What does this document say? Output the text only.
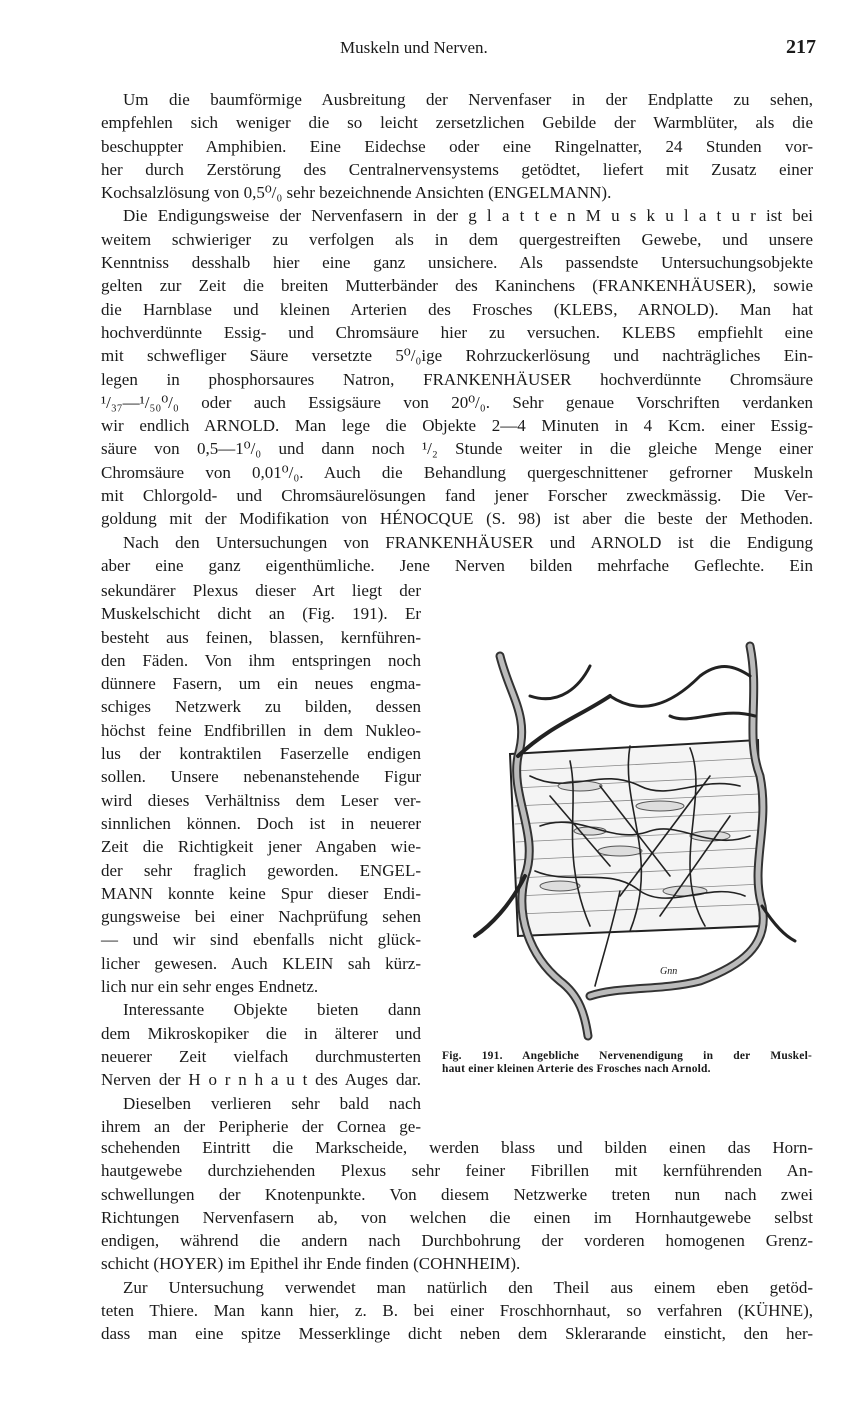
Muskeln und Nerven.	217
Um die baumförmige Ausbreitung der Nervenfaser in der Endplatte zu sehen,
empfehlen sich weniger die so leicht zersetzlichen Gebilde der Warmblüter, als die
beschuppter Amphibien. Eine Eidechse oder eine Ringelnatter, 24 Stunden vor-
her durch Zerstörung des Centralnervensystems getödtet, liefert mit Zusatz einer
Kochsalzlösung von 0,5⁰/₀ sehr bezeichnende Ansichten (ENGELMANN).
Die Endigungsweise der Nervenfasern in der g l a t t e n M u s k u l a t u r ist bei
weitem schwieriger zu verfolgen als in dem quergestreiften Gewebe, und unsere
Kenntniss desshalb hier eine ganz unsichere. Als passendste Untersuchungsobjekte
gelten zur Zeit die breiten Mutterbänder des Kaninchens (FRANKENHÄUSER), sowie
die Harnblase und kleinen Arterien des Frosches (KLEBS, ARNOLD). Man hat
hochverdünnte Essig- und Chromsäure hier zu versuchen. KLEBS empfiehlt eine
mit schwefliger Säure versetzte 5⁰/₀ige Rohrzuckerlösung und nachträgliches Ein-
legen in phosphorsaures Natron, FRANKENHÄUSER hochverdünnte Chromsäure
¹/₃₇—¹/₅₀⁰/₀ oder auch Essigsäure von 20⁰/₀. Sehr genaue Vorschriften verdanken
wir endlich ARNOLD. Man lege die Objekte 2—4 Minuten in 4 Kcm. einer Essig-
säure von 0,5—1⁰/₀ und dann noch ¹/₂ Stunde weiter in die gleiche Menge einer
Chromsäure von 0,01⁰/₀. Auch die Behandlung quergeschnittener gefrorner Muskeln
mit Chlorgold- und Chromsäurelösungen fand jener Forscher zweckmässig. Die Ver-
goldung mit der Modifikation von HÉNOCQUE (S. 98) ist aber die beste der Methoden.
Nach den Untersuchungen von FRANKENHÄUSER und ARNOLD ist die Endigung
aber eine ganz eigenthümliche. Jene Nerven bilden mehrfache Geflechte. Ein
sekundärer Plexus dieser Art liegt der
Muskelschicht dicht an (Fig. 191). Er
besteht aus feinen, blassen, kernführen-
den Fäden. Von ihm entspringen noch
dünnere Fasern, um ein neues engma-
schiges Netzwerk zu bilden, dessen
höchst feine Endfibrillen in dem Nukleo-
lus der kontraktilen Faserzelle endigen
sollen. Unsere nebenanstehende Figur
wird dieses Verhältniss dem Leser ver-
sinnlichen können. Doch ist in neuerer
Zeit die Richtigkeit jener Angaben wie-
der sehr fraglich geworden. ENGEL-
MANN konnte keine Spur dieser Endi-
gungsweise bei einer Nachprüfung sehen
— und wir sind ebenfalls nicht glück-
licher gewesen. Auch KLEIN sah kürz-
lich nur ein sehr enges Endnetz.
Interessante Objekte bieten dann
dem Mikroskopiker die in älterer und
neuerer Zeit vielfach durchmusterten
Nerven der H o r n h a u t des Auges dar.
Dieselben verlieren sehr bald nach
ihrem an der Peripherie der Cornea ge-
schehenden Eintritt die Markscheide, werden blass und bilden einen das Horn-
hautgewebe durchziehenden Plexus sehr feiner Fibrillen mit kernführenden An-
schwellungen der Knotenpunkte. Von diesem Netzwerke treten nun nach zwei
Richtungen Nervenfasern ab, von welchen die einen im Hornhautgewebe selbst
endigen, während die andern nach Durchbohrung der vorderen homogenen Grenz-
schicht (HOYER) im Epithel ihr Ende finden (COHNHEIM).
Zur Untersuchung verwendet man natürlich den Theil aus einem eben getöd-
teten Thiere. Man kann hier, z. B. bei einer Froschhornhaut, so verfahren (KÜHNE),
dass man eine spitze Messerklinge dicht neben dem Sklerarande einsticht, den her-
Gnn
Fig. 191. Angebliche Nervenendigung in der Muskel-
haut einer kleinen Arterie des Frosches nach Arnold.
